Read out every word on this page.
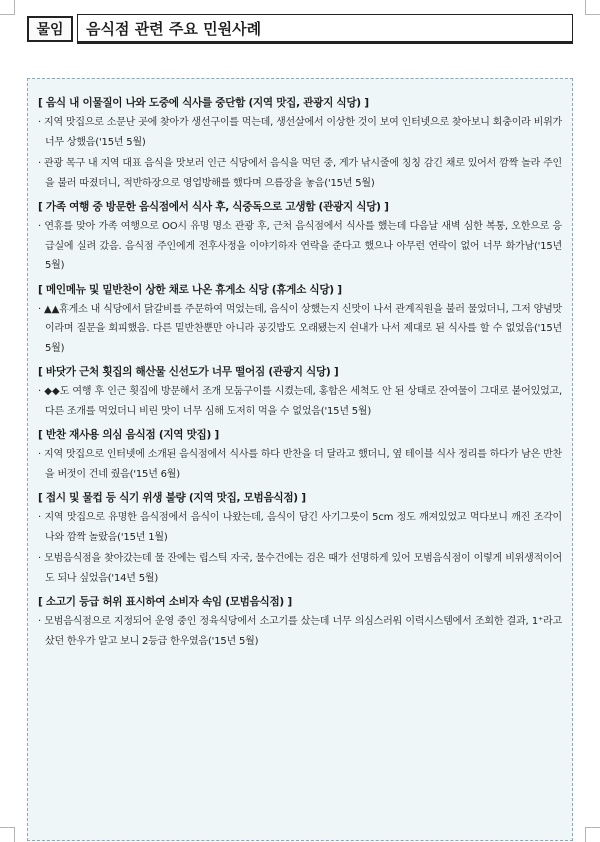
물임	음식점 관련 주요 민원사례
[ 음식 내 이물질이 나와 도중에 식사를 중단함 (지역 맛집, 관광지 식당) ]
· 지역 맛집으로 소문난 곳에 찾아가 생선구이를 먹는데, 생선살에서 이상한 것이 보여 인터넷으로 찾아보니 회충이라 비위가 너무 상했음('15년 5월)
· 관광 목구 내 지역 대표 음식을 맛보러 인근 식당에서 음식을 먹던 중, 게가 낚시줄에 칭칭 감긴 채로 있어서 깜짝 놀라 주인을 불러 따졌더니, 적반하장으로 영업방해를 했다며 으름장을 놓음('15년 5월)
[ 가족 여행 중 방문한 음식점에서 식사 후, 식중독으로 고생함 (관광지 식당) ]
· 연휴를 맞아 가족 여행으로 OO시 유명 명소 관광 후, 근처 음식점에서 식사를 했는데 다음날 새벽 심한 복통, 오한으로 응급실에 실려 갔음. 음식점 주인에게 전후사정을 이야기하자 연락을 준다고 했으나 아무런 연락이 없어 너무 화가남('15년 5월)
[ 메인메뉴 및 밑반찬이 상한 채로 나온 휴게소 식당 (휴게소 식당) ]
· ▲▲휴게소 내 식당에서 닭갈비를 주문하여 먹었는데, 음식이 상했는지 신맛이 나서 관계직원을 불러 물었더니, 그저 양념맛이라며 질문을 회피했음. 다른 밑반찬뿐만 아니라 공깃밥도 오래됐는지 쉰내가 나서 제대로 된 식사를 할 수 없었음('15년 5월)
[ 바닷가 근처 횟집의 해산물 신선도가 너무 떨어짐 (관광지 식당) ]
· ◆◆도 여행 후 인근 횟집에 방문해서 조개 모둠구이를 시켰는데, 홍합은 세척도 안 된 상태로 잔여물이 그대로 붙어있었고, 다른 조개를 먹었더니 비린 맛이 너무 심해 도저히 먹을 수 없었음('15년 5월)
[ 반찬 재사용 의심 음식점 (지역 맛집) ]
· 지역 맛집으로 인터넷에 소개된 음식점에서 식사를 하다 반찬을 더 달라고 했더니, 옆 테이블 식사 정리를 하다가 남은 반찬을 버젓이 건네 줬음('15년 6월)
[ 접시 및 물컵 등 식기 위생 불량 (지역 맛집, 모범음식점) ]
· 지역 맛집으로 유명한 음식점에서 음식이 나왔는데, 음식이 담긴 사기그릇이 5cm 정도 깨져있었고 먹다보니 깨진 조각이 나와 깜짝 놀랐음('15년 1월)
· 모범음식점을 찾아갔는데 물 잔에는 립스틱 자국, 물수건에는 검은 때가 선명하게 있어 모범음식점이 이렇게 비위생적이어도 되나 싶었음('14년 5월)
[ 소고기 등급 허위 표시하여 소비자 속임 (모범음식점) ]
· 모범음식점으로 지정되어 운영 중인 정육식당에서 소고기를 샀는데 너무 의심스러워 이력시스템에서 조회한 결과, 1⁺라고 샀던 한우가 알고 보니 2등급 한우였음('15년 5월)
